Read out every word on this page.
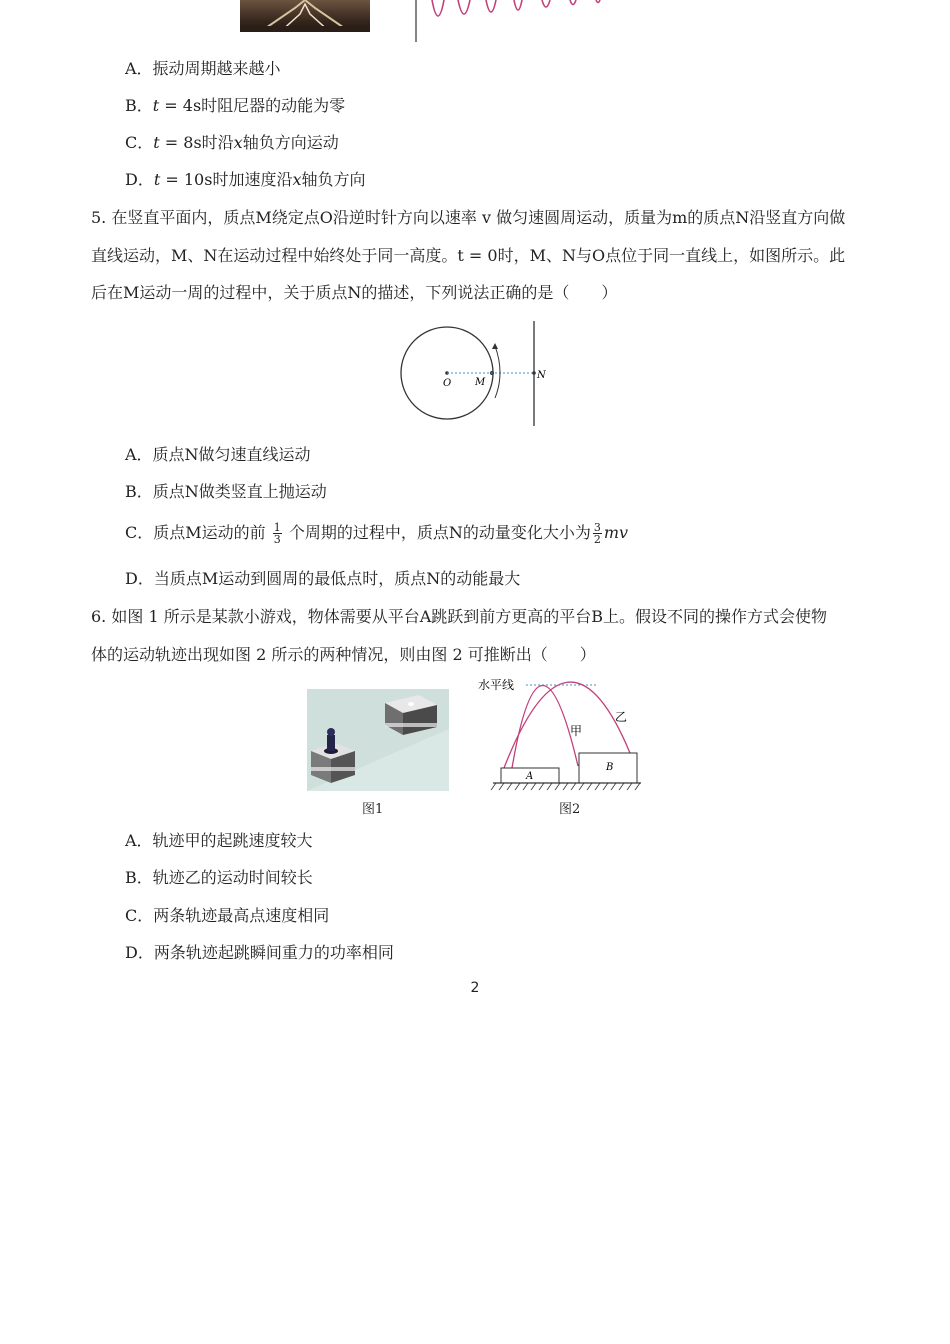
A．振动周期越来越小
B．t = 4s时阻尼器的动能为零
C．t = 8s时沿x轴负方向运动
D．t = 10s时加速度沿x轴负方向
5. 在竖直平面内，质点M绕定点O沿逆时针方向以速率 v 做匀速圆周运动，质量为m的质点N沿竖直方向做
直线运动，M、N在运动过程中始终处于同一高度。t = 0时，M、N与O点位于同一直线上，如图所示。此
后在M运动一周的过程中，关于质点N的描述，下列说法正确的是（　　）
O M
N
A．质点N做匀速直线运动
B．质点N做类竖直上抛运动
C．质点M运动的前 $\frac{1}{3}$ 个周期的过程中，质点N的动量变化大小为 $\frac{3}{2}$ mv
D．当质点M运动到圆周的最低点时，质点N的动能最大
6. 如图 1 所示是某款小游戏，物体需要从平台A跳跃到前方更高的平台B上。假设不同的操作方式会使物
体的运动轨迹出现如图 2 所示的两种情况，则由图 2 可推断出（　　）
图1
水平线
甲
乙
A
B
图2
A．轨迹甲的起跳速度较大
B．轨迹乙的运动时间较长
C．两条轨迹最高点速度相同
D．两条轨迹起跳瞬间重力的功率相同
2
